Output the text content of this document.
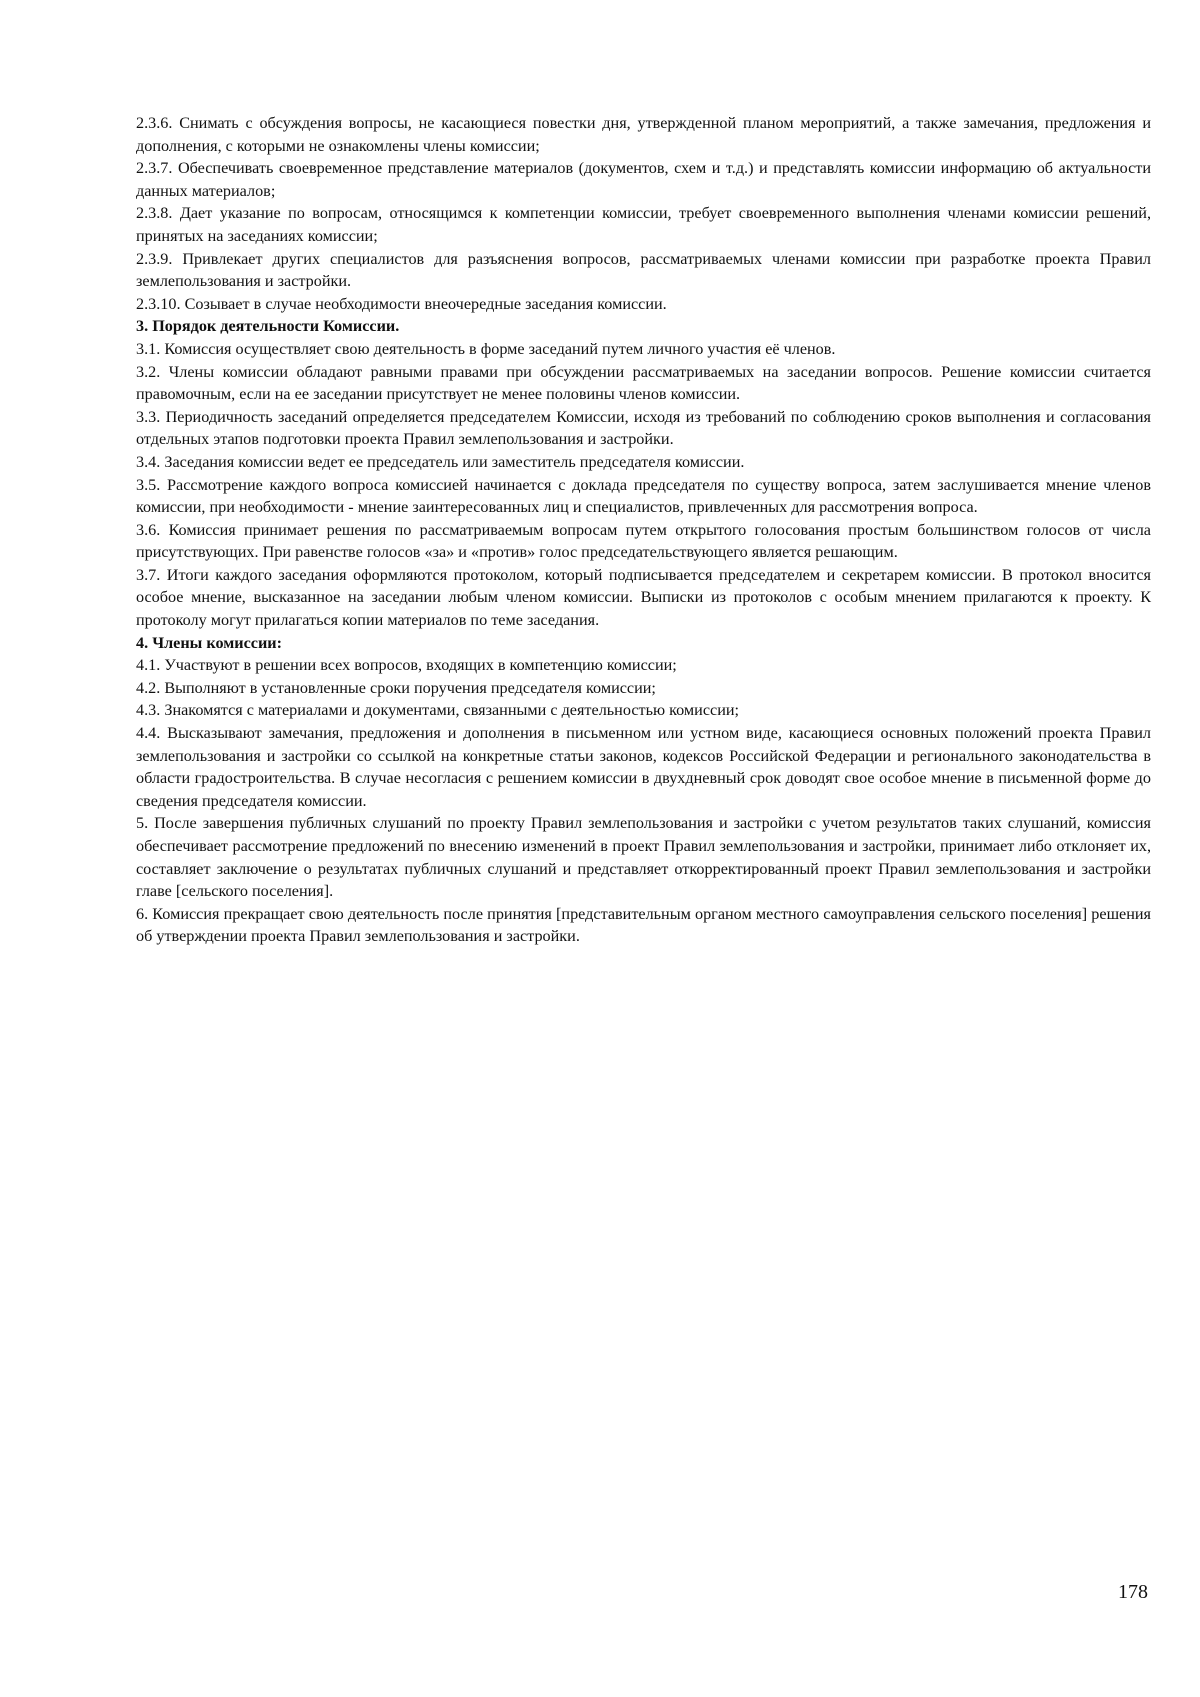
2.3.6. Снимать с обсуждения вопросы, не касающиеся повестки дня, утвержденной планом мероприятий, а также замечания, предложения и дополнения, с которыми не ознакомлены члены комиссии;

2.3.7. Обеспечивать своевременное представление материалов (документов, схем и т.д.) и представлять комиссии информацию об актуальности данных материалов;

2.3.8. Дает указание по вопросам, относящимся к компетенции комиссии, требует своевременного выполнения членами комиссии решений, принятых на заседаниях комиссии;

2.3.9. Привлекает других специалистов для разъяснения вопросов, рассматриваемых членами комиссии при разработке проекта Правил землепользования и застройки.

2.3.10. Созывает в случае необходимости внеочередные заседания комиссии.

3. Порядок деятельности Комиссии.

3.1. Комиссия осуществляет свою деятельность в форме заседаний путем личного участия её членов.

3.2. Члены комиссии обладают равными правами при обсуждении рассматриваемых на заседании вопросов. Решение комиссии считается правомочным, если на ее заседании присутствует не менее половины членов комиссии.

3.3. Периодичность заседаний определяется председателем Комиссии, исходя из требований по соблюдению сроков выполнения и согласования отдельных этапов подготовки проекта Правил землепользования и застройки.

3.4. Заседания комиссии ведет ее председатель или заместитель председателя комиссии.

3.5. Рассмотрение каждого вопроса комиссией начинается с доклада председателя по существу вопроса, затем заслушивается мнение членов комиссии, при необходимости - мнение заинтересованных лиц и специалистов, привлеченных для рассмотрения вопроса.

3.6. Комиссия принимает решения по рассматриваемым вопросам путем открытого голосования простым большинством голосов от числа присутствующих. При равенстве голосов «за» и «против» голос председательствующего является решающим.

3.7. Итоги каждого заседания оформляются протоколом, который подписывается председателем и секретарем комиссии. В протокол вносится особое мнение, высказанное на заседании любым членом комиссии. Выписки из протоколов с особым мнением прилагаются к проекту. К протоколу могут прилагаться копии материалов по теме заседания.

4. Члены комиссии:

4.1. Участвуют в решении всех вопросов, входящих в компетенцию комиссии;

4.2. Выполняют в установленные сроки поручения председателя комиссии;

4.3. Знакомятся с материалами и документами, связанными с деятельностью комиссии;

4.4. Высказывают замечания, предложения и дополнения в письменном или устном виде, касающиеся основных положений проекта Правил землепользования и застройки со ссылкой на конкретные статьи законов, кодексов Российской Федерации и регионального законодательства в области градостроительства. В случае несогласия с решением комиссии в двухдневный срок доводят свое особое мнение в письменной форме до сведения председателя комиссии.

5. После завершения публичных слушаний по проекту Правил землепользования и застройки с учетом результатов таких слушаний, комиссия обеспечивает рассмотрение предложений по внесению изменений в проект Правил землепользования и застройки, принимает либо отклоняет их, составляет заключение о результатах публичных слушаний и представляет откорректированный проект Правил землепользования и застройки главе [сельского поселения].

6. Комиссия прекращает свою деятельность после принятия [представительным органом местного самоуправления сельского поселения] решения об утверждении проекта Правил землепользования и застройки.

178
